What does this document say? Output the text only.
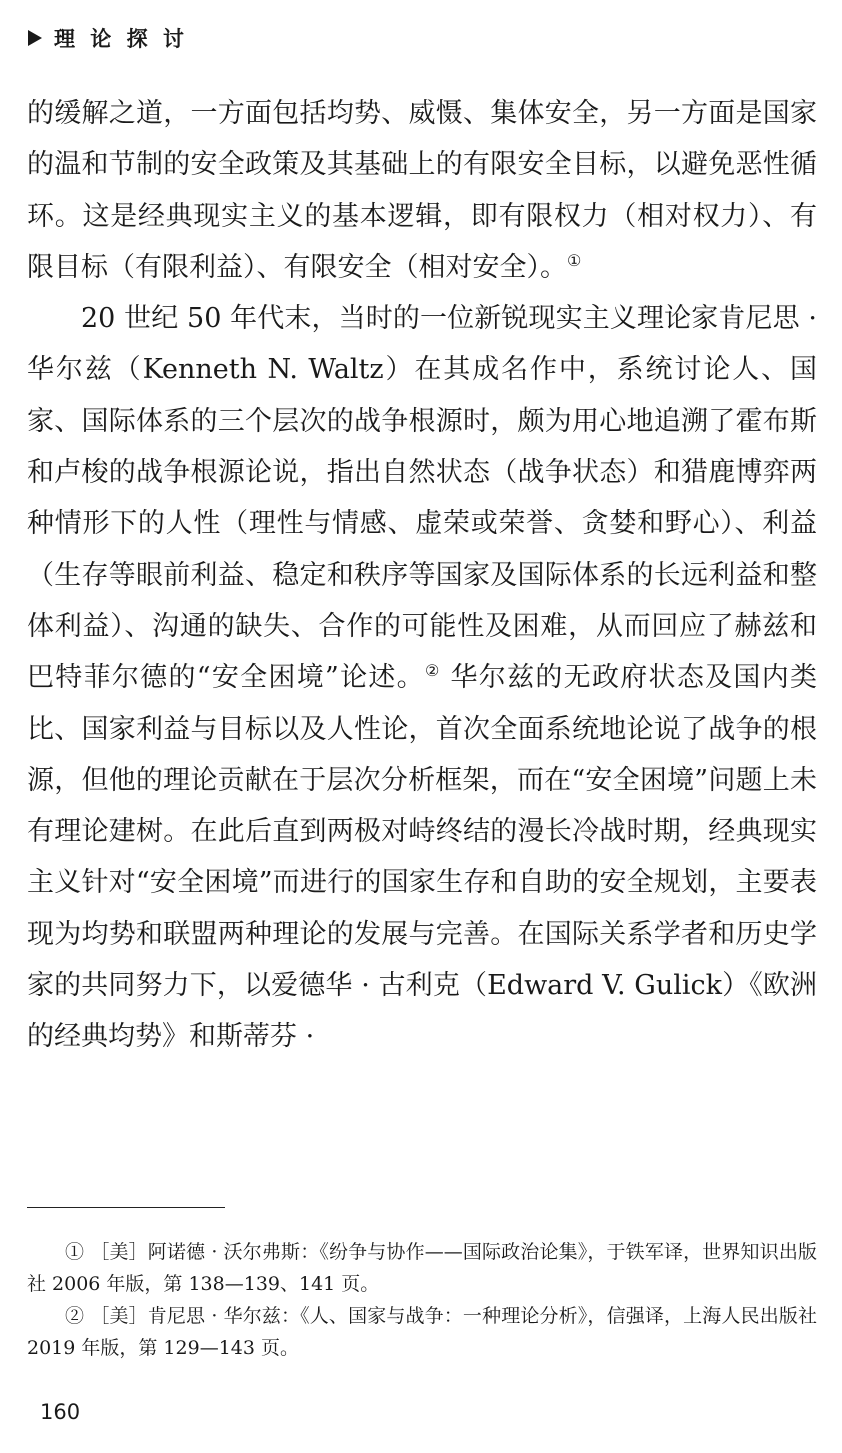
理 论 探 讨

的缓解之道，一方面包括均势、威慑、集体安全，另一方面是国家的温和节制的安全政策及其基础上的有限安全目标，以避免恶性循环。这是经典现实主义的基本逻辑，即有限权力（相对权力）、有限目标（有限利益）、有限安全（相对安全）。①

20 世纪 50 年代末，当时的一位新锐现实主义理论家肯尼思 · 华尔兹（Kenneth N. Waltz）在其成名作中，系统讨论人、国家、国际体系的三个层次的战争根源时，颇为用心地追溯了霍布斯和卢梭的战争根源论说，指出自然状态（战争状态）和猎鹿博弈两种情形下的人性（理性与情感、虚荣或荣誉、贪婪和野心）、利益（生存等眼前利益、稳定和秩序等国家及国际体系的长远利益和整体利益）、沟通的缺失、合作的可能性及困难，从而回应了赫兹和巴特菲尔德的“安全困境”论述。② 华尔兹的无政府状态及国内类比、国家利益与目标以及人性论，首次全面系统地论说了战争的根源，但他的理论贡献在于层次分析框架，而在“安全困境”问题上未有理论建树。在此后直到两极对峙终结的漫长冷战时期，经典现实主义针对“安全困境”而进行的国家生存和自助的安全规划，主要表现为均势和联盟两种理论的发展与完善。在国际关系学者和历史学家的共同努力下，以爱德华 · 古利克（Edward V. Gulick）《欧洲的经典均势》和斯蒂芬 ·

① ［美］阿诺德 · 沃尔弗斯：《纷争与协作——国际政治论集》，于铁军译，世界知识出版社 2006 年版，第 138—139、141 页。

② ［美］肯尼思 · 华尔兹：《人、国家与战争：一种理论分析》，信强译，上海人民出版社 2019 年版，第 129—143 页。

160
